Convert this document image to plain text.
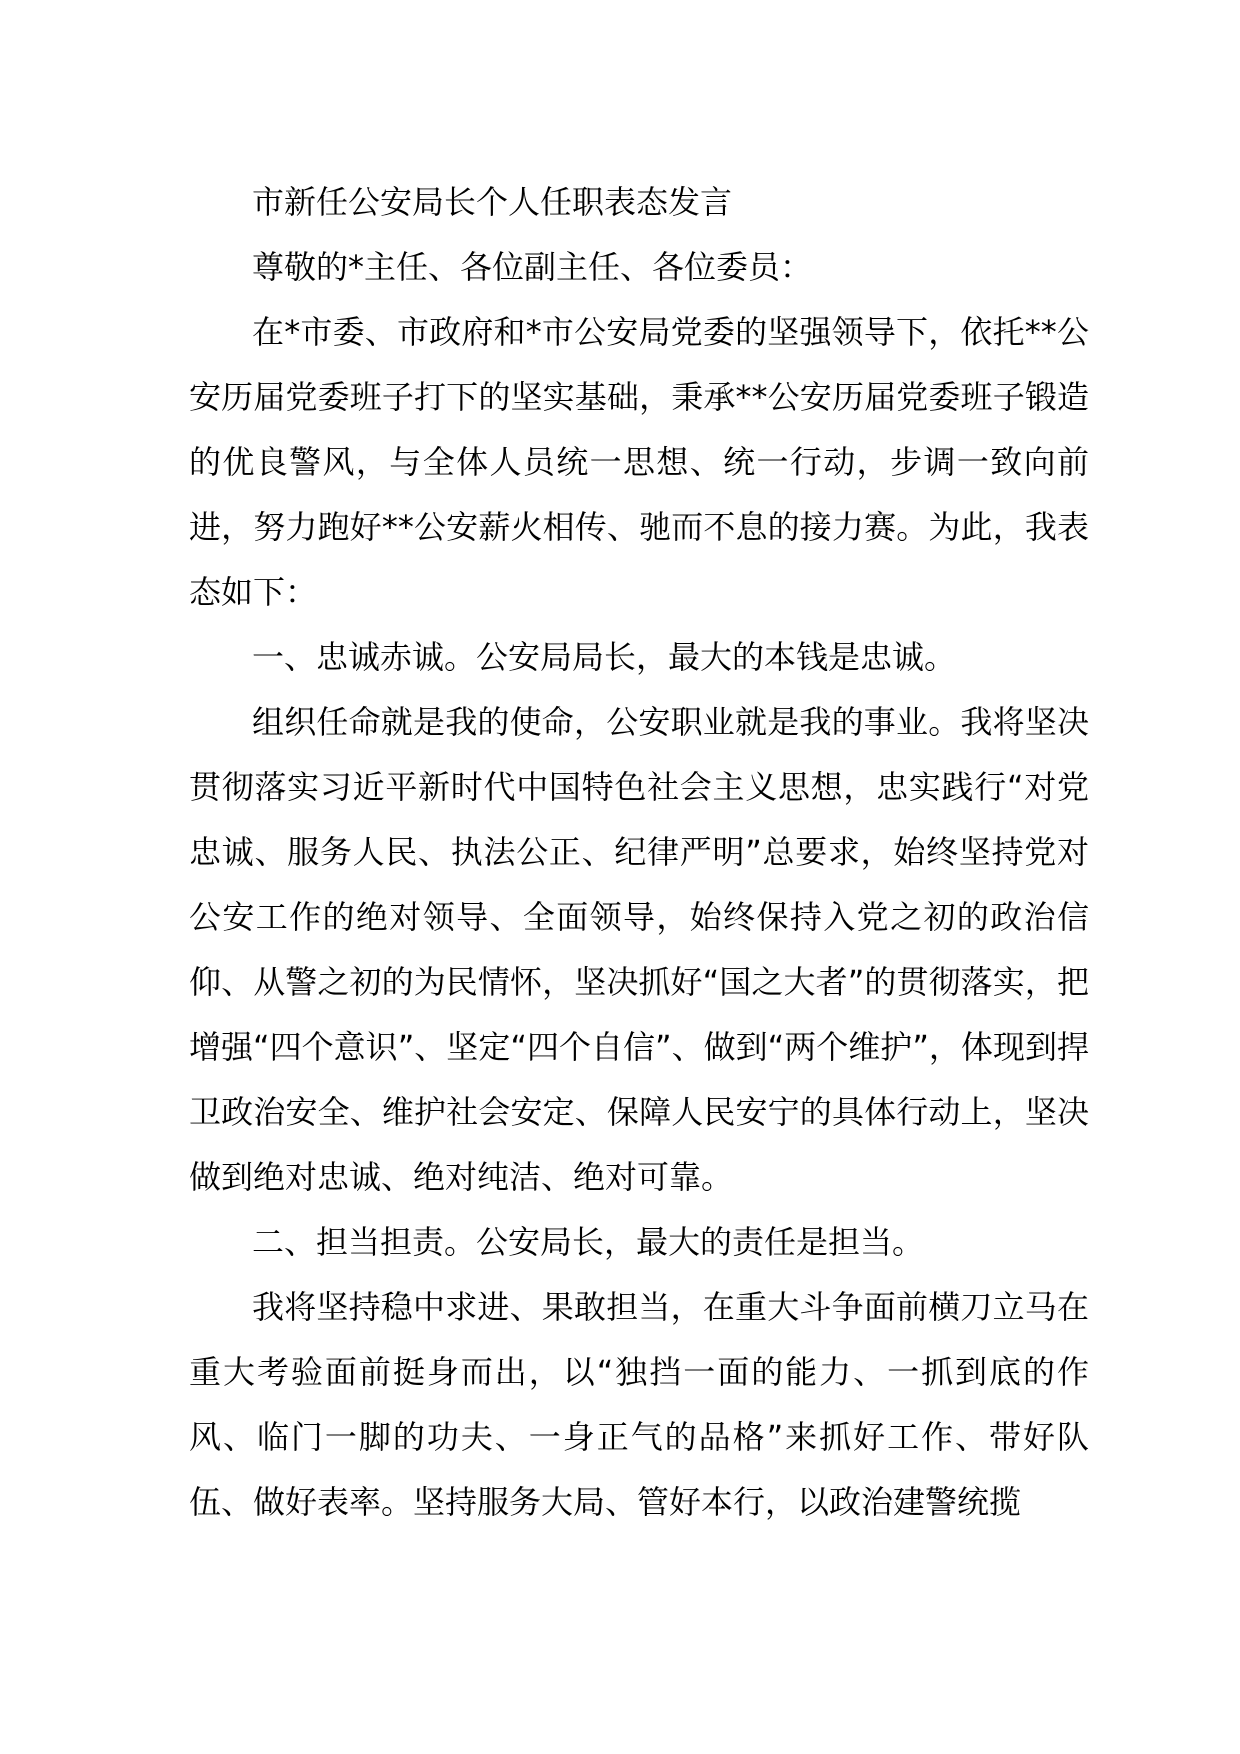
市新任公安局长个人任职表态发言

尊敬的*主任、各位副主任、各位委员：

在*市委、市政府和*市公安局党委的坚强领导下，依托**公安历届党委班子打下的坚实基础，秉承**公安历届党委班子锻造的优良警风，与全体人员统一思想、统一行动，步调一致向前进，努力跑好**公安薪火相传、驰而不息的接力赛。为此，我表态如下：

一、忠诚赤诚。公安局局长，最大的本钱是忠诚。

组织任命就是我的使命，公安职业就是我的事业。我将坚决贯彻落实习近平新时代中国特色社会主义思想，忠实践行“对党忠诚、服务人民、执法公正、纪律严明”总要求，始终坚持党对公安工作的绝对领导、全面领导，始终保持入党之初的政治信仰、从警之初的为民情怀，坚决抓好“国之大者”的贯彻落实，把增强“四个意识”、坚定“四个自信”、做到“两个维护”，体现到捍卫政治安全、维护社会安定、保障人民安宁的具体行动上，坚决做到绝对忠诚、绝对纯洁、绝对可靠。

二、担当担责。公安局长，最大的责任是担当。

我将坚持稳中求进、果敢担当，在重大斗争面前横刀立马在重大考验面前挺身而出，以“独挡一面的能力、一抓到底的作风、临门一脚的功夫、一身正气的品格”来抓好工作、带好队伍、做好表率。坚持服务大局、管好本行，以政治建警统揽
